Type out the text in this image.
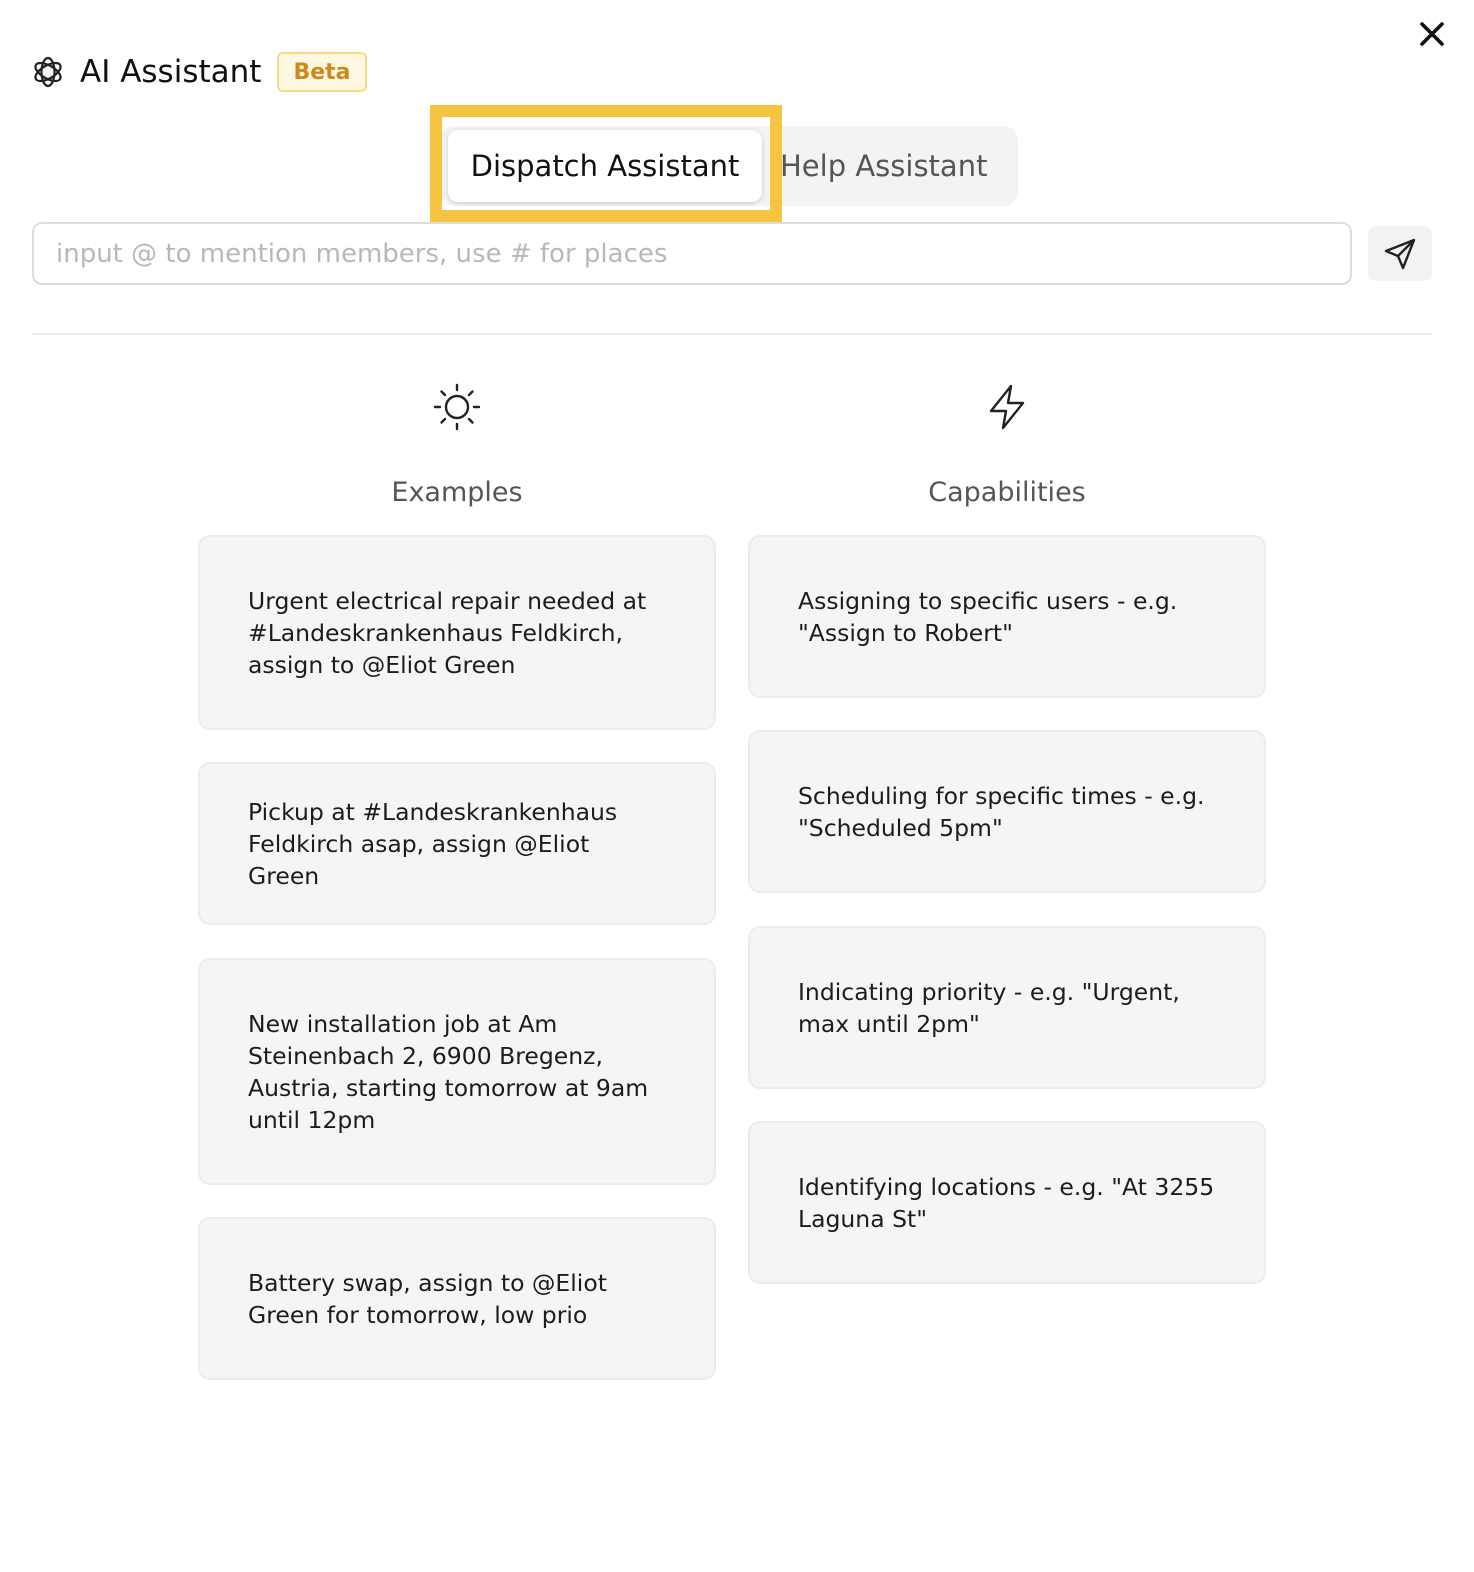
AI Assistant	Beta
Dispatch Assistant	Help Assistant
input @ to mention members, use # for places
Examples	Capabilities
Urgent electrical repair needed at #Landeskrankenhaus Feldkirch, assign to @Eliot Green
Pickup at #Landeskrankenhaus Feldkirch asap, assign @Eliot Green
New installation job at Am Steinenbach 2, 6900 Bregenz, Austria, starting tomorrow at 9am until 12pm
Battery swap, assign to @Eliot Green for tomorrow, low prio
Assigning to specific users - e.g. "Assign to Robert"
Scheduling for specific times - e.g. "Scheduled 5pm"
Indicating priority - e.g. "Urgent, max until 2pm"
Identifying locations - e.g. "At 3255 Laguna St"
